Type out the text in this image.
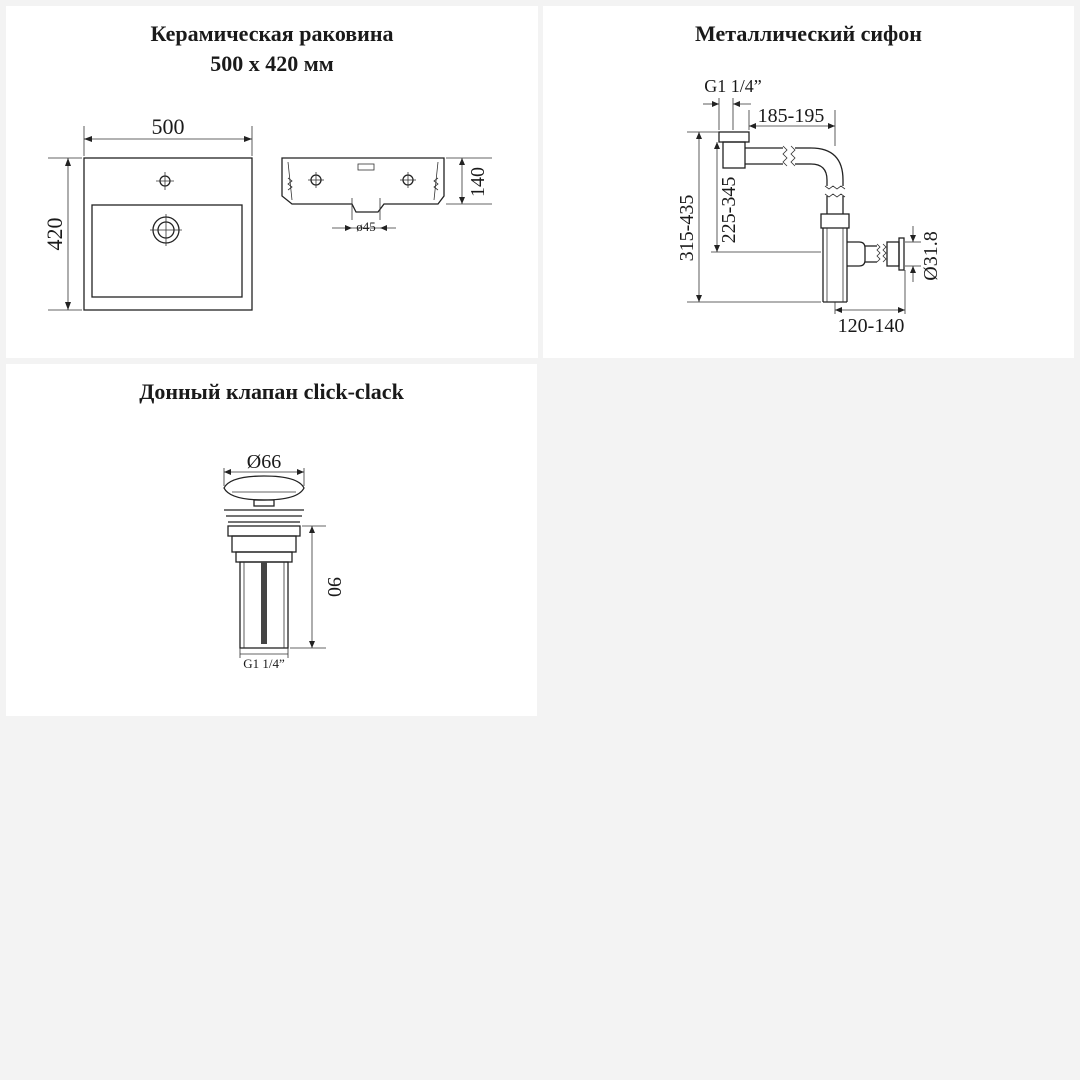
Керамическая раковина
500 х 420 мм
500
420
140
ø45
Металлический сифон
G1 1/4”
185-195
315-435 225-345
Ø31.8
120-140
Донный клапан click-clack
Ø66
90
G1 1/4”
